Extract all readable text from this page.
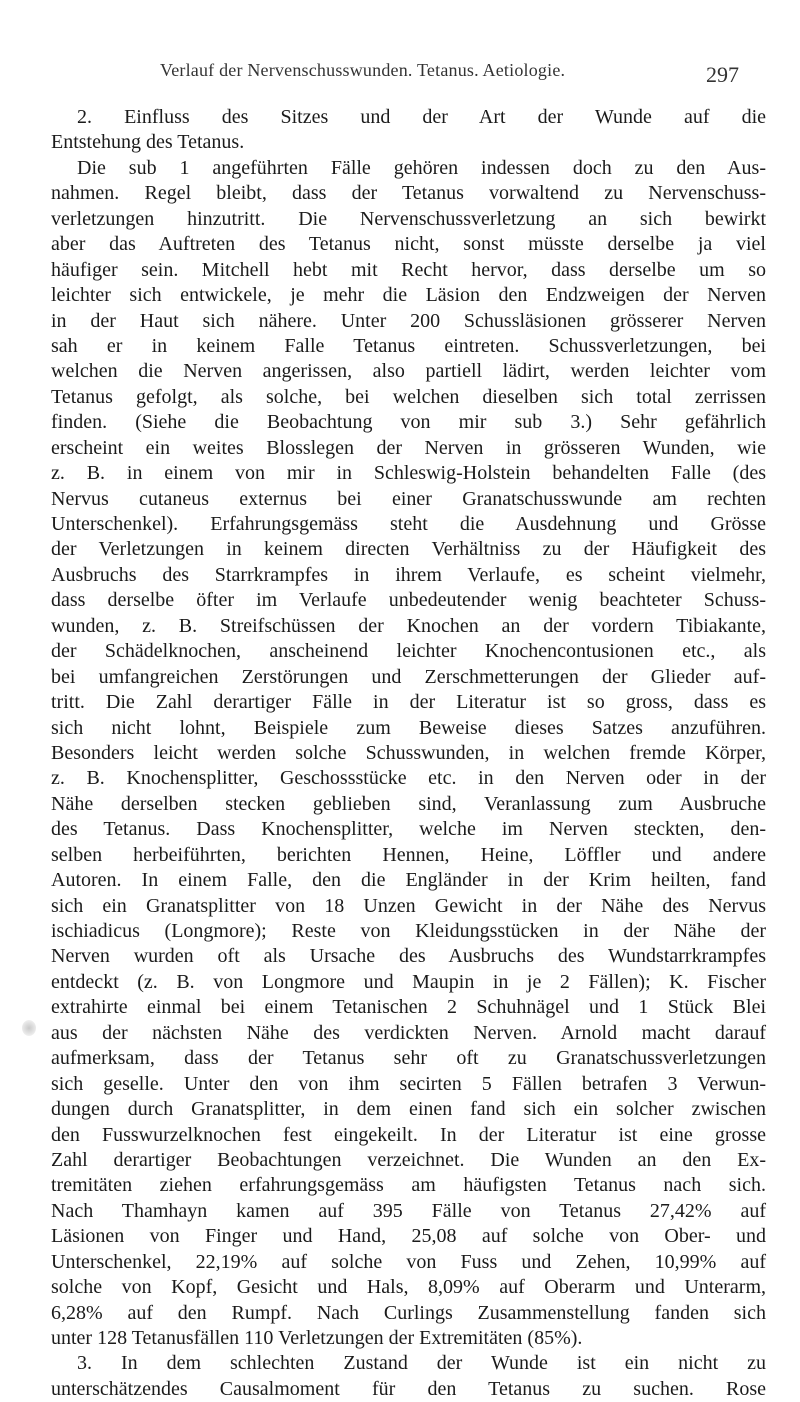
Verlauf der Nervenschusswunden. Tetanus. Aetiologie.	297
2. Einfluss des Sitzes und der Art der Wunde auf die
Entstehung des Tetanus.
Die sub 1 angeführten Fälle gehören indessen doch zu den Aus-
nahmen. Regel bleibt, dass der Tetanus vorwaltend zu Nervenschuss-
verletzungen hinzutritt. Die Nervenschussverletzung an sich bewirkt
aber das Auftreten des Tetanus nicht, sonst müsste derselbe ja viel
häufiger sein. Mitchell hebt mit Recht hervor, dass derselbe um so
leichter sich entwickele, je mehr die Läsion den Endzweigen der Nerven
in der Haut sich nähere. Unter 200 Schussläsionen grösserer Nerven
sah er in keinem Falle Tetanus eintreten. Schussverletzungen, bei
welchen die Nerven angerissen, also partiell lädirt, werden leichter vom
Tetanus gefolgt, als solche, bei welchen dieselben sich total zerrissen
finden. (Siehe die Beobachtung von mir sub 3.) Sehr gefährlich
erscheint ein weites Blosslegen der Nerven in grösseren Wunden, wie
z. B. in einem von mir in Schleswig-Holstein behandelten Falle (des
Nervus cutaneus externus bei einer Granatschusswunde am rechten
Unterschenkel). Erfahrungsgemäss steht die Ausdehnung und Grösse
der Verletzungen in keinem directen Verhältniss zu der Häufigkeit des
Ausbruchs des Starrkrampfes in ihrem Verlaufe, es scheint vielmehr,
dass derselbe öfter im Verlaufe unbedeutender wenig beachteter Schuss-
wunden, z. B. Streifschüssen der Knochen an der vordern Tibiakante,
der Schädelknochen, anscheinend leichter Knochencontusionen etc., als
bei umfangreichen Zerstörungen und Zerschmetterungen der Glieder auf-
tritt. Die Zahl derartiger Fälle in der Literatur ist so gross, dass es
sich nicht lohnt, Beispiele zum Beweise dieses Satzes anzuführen.
Besonders leicht werden solche Schusswunden, in welchen fremde Körper,
z. B. Knochensplitter, Geschossstücke etc. in den Nerven oder in der
Nähe derselben stecken geblieben sind, Veranlassung zum Ausbruche
des Tetanus. Dass Knochensplitter, welche im Nerven steckten, den-
selben herbeiführten, berichten Hennen, Heine, Löffler und andere
Autoren. In einem Falle, den die Engländer in der Krim heilten, fand
sich ein Granatsplitter von 18 Unzen Gewicht in der Nähe des Nervus
ischiadicus (Longmore); Reste von Kleidungsstücken in der Nähe der
Nerven wurden oft als Ursache des Ausbruchs des Wundstarrkrampfes
entdeckt (z. B. von Longmore und Maupin in je 2 Fällen); K. Fischer
extrahirte einmal bei einem Tetanischen 2 Schuhnägel und 1 Stück Blei
aus der nächsten Nähe des verdickten Nerven. Arnold macht darauf
aufmerksam, dass der Tetanus sehr oft zu Granatschussverletzungen
sich geselle. Unter den von ihm secirten 5 Fällen betrafen 3 Verwun-
dungen durch Granatsplitter, in dem einen fand sich ein solcher zwischen
den Fusswurzelknochen fest eingekeilt. In der Literatur ist eine grosse
Zahl derartiger Beobachtungen verzeichnet. Die Wunden an den Ex-
tremitäten ziehen erfahrungsgemäss am häufigsten Tetanus nach sich.
Nach Thamhayn kamen auf 395 Fälle von Tetanus 27,42% auf
Läsionen von Finger und Hand, 25,08 auf solche von Ober- und
Unterschenkel, 22,19% auf solche von Fuss und Zehen, 10,99% auf
solche von Kopf, Gesicht und Hals, 8,09% auf Oberarm und Unterarm,
6,28% auf den Rumpf. Nach Curlings Zusammenstellung fanden sich
unter 128 Tetanusfällen 110 Verletzungen der Extremitäten (85%).
3. In dem schlechten Zustand der Wunde ist ein nicht zu
unterschätzendes Causalmoment für den Tetanus zu suchen. Rose
